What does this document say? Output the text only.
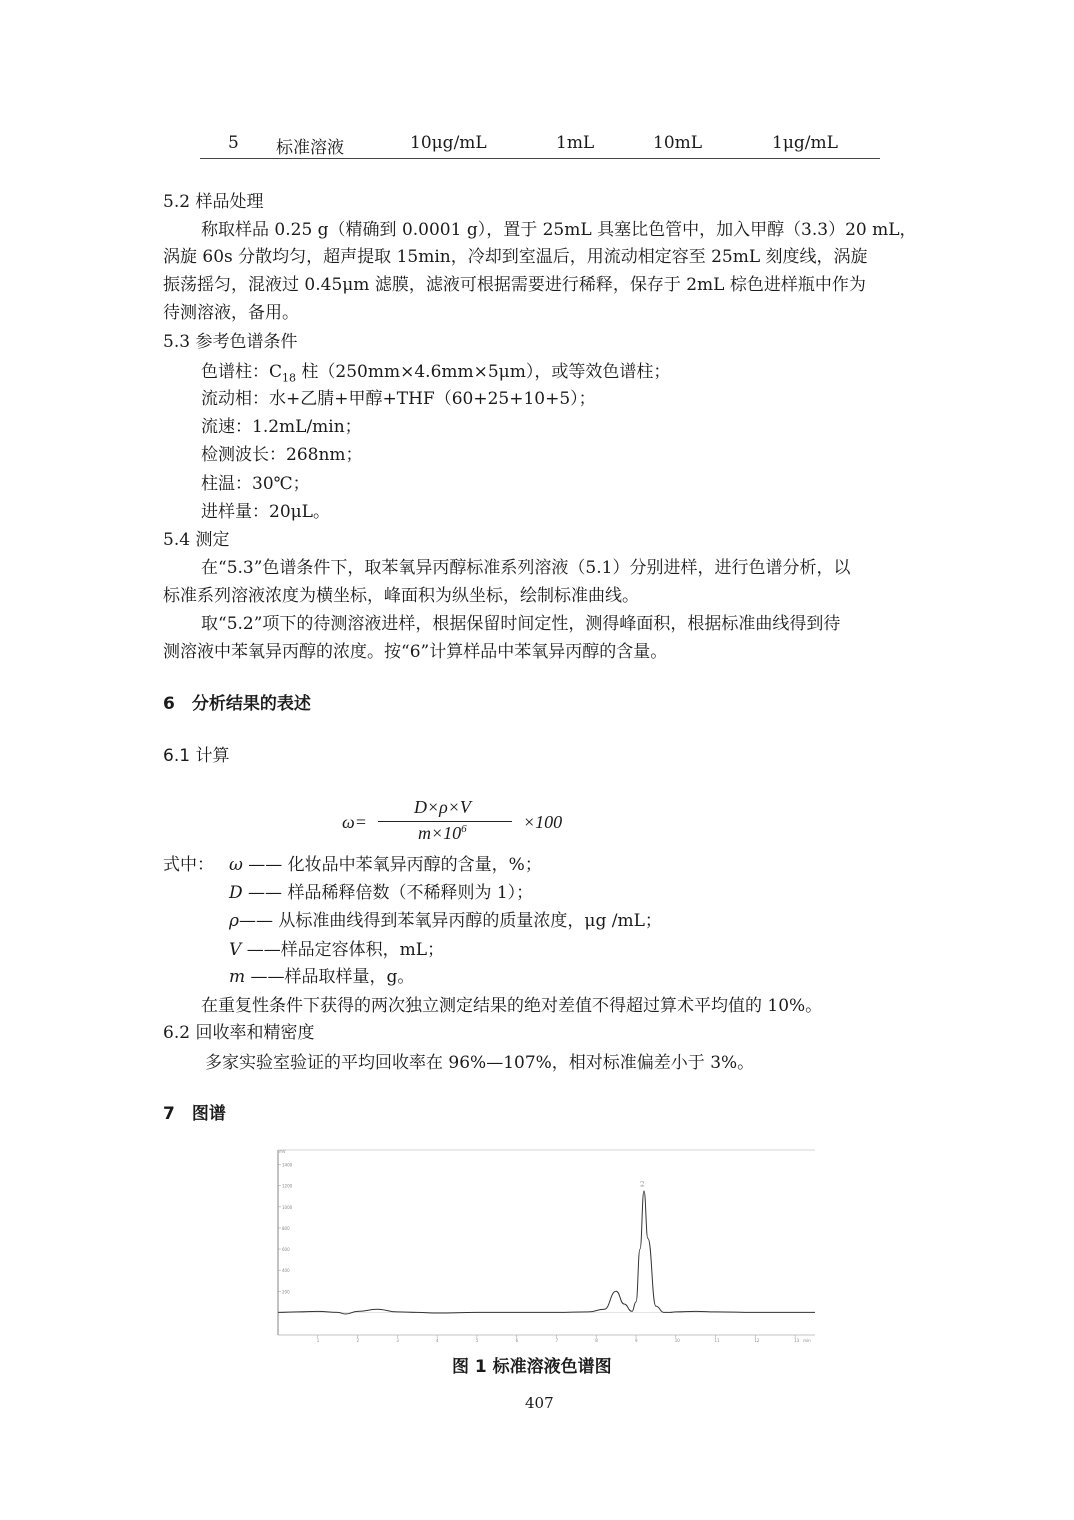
5 标准溶液	10μg/mL	1mL	10mL	1μg/mL
5.2 样品处理
称取样品 0.25 g（精确到 0.0001 g），置于 25mL 具塞比色管中，加入甲醇（3.3）20 mL，
涡旋 60s 分散均匀，超声提取 15min，冷却到室温后，用流动相定容至 25mL 刻度线，涡旋
振荡摇匀，混液过 0.45μm 滤膜，滤液可根据需要进行稀释，保存于 2mL 棕色进样瓶中作为
待测溶液，备用。
5.3 参考色谱条件
色谱柱：$C_{18}$ 柱（250mm×4.6mm×5μm），或等效色谱柱；
流动相：水+乙腈+甲醇+THF（60+25+10+5）；
流速：1.2mL/min；
检测波长：268nm；
柱温：30℃；
进样量：20μL。
5.4 测定
在“5.3”色谱条件下，取苯氧异丙醇标准系列溶液（5.1）分别进样，进行色谱分析，以
标准系列溶液浓度为横坐标，峰面积为纵坐标，绘制标准曲线。
取“5.2”项下的待测溶液进样，根据保留时间定性，测得峰面积，根据标准曲线得到待
测溶液中苯氧异丙醇的浓度。按“6”计算样品中苯氧异丙醇的含量。
6　分析结果的表述
6.1 计算
ω=
D×ρ×V
$m\times 10^6$	×100
式中： ω —— 化妆品中苯氧异丙醇的含量，%；
D —— 样品稀释倍数（不稀释则为 1）；
ρ—— 从标准曲线得到苯氧异丙醇的质量浓度，μg /mL；
V ——样品定容体积，mL；
m ——样品取样量，g。
在重复性条件下获得的两次独立测定结果的绝对差值不得超过算术平均值的 10%。
6.2 回收率和精密度
多家实验室验证的平均回收率在 96%—107%，相对标准偏差小于 3%。
7　图谱
200
400
600
800
1000
1200
1400
mV
1	2	3	4	5	6	7	8	9	10	11	12	13 min
9.2
图 1 标准溶液色谱图
407
